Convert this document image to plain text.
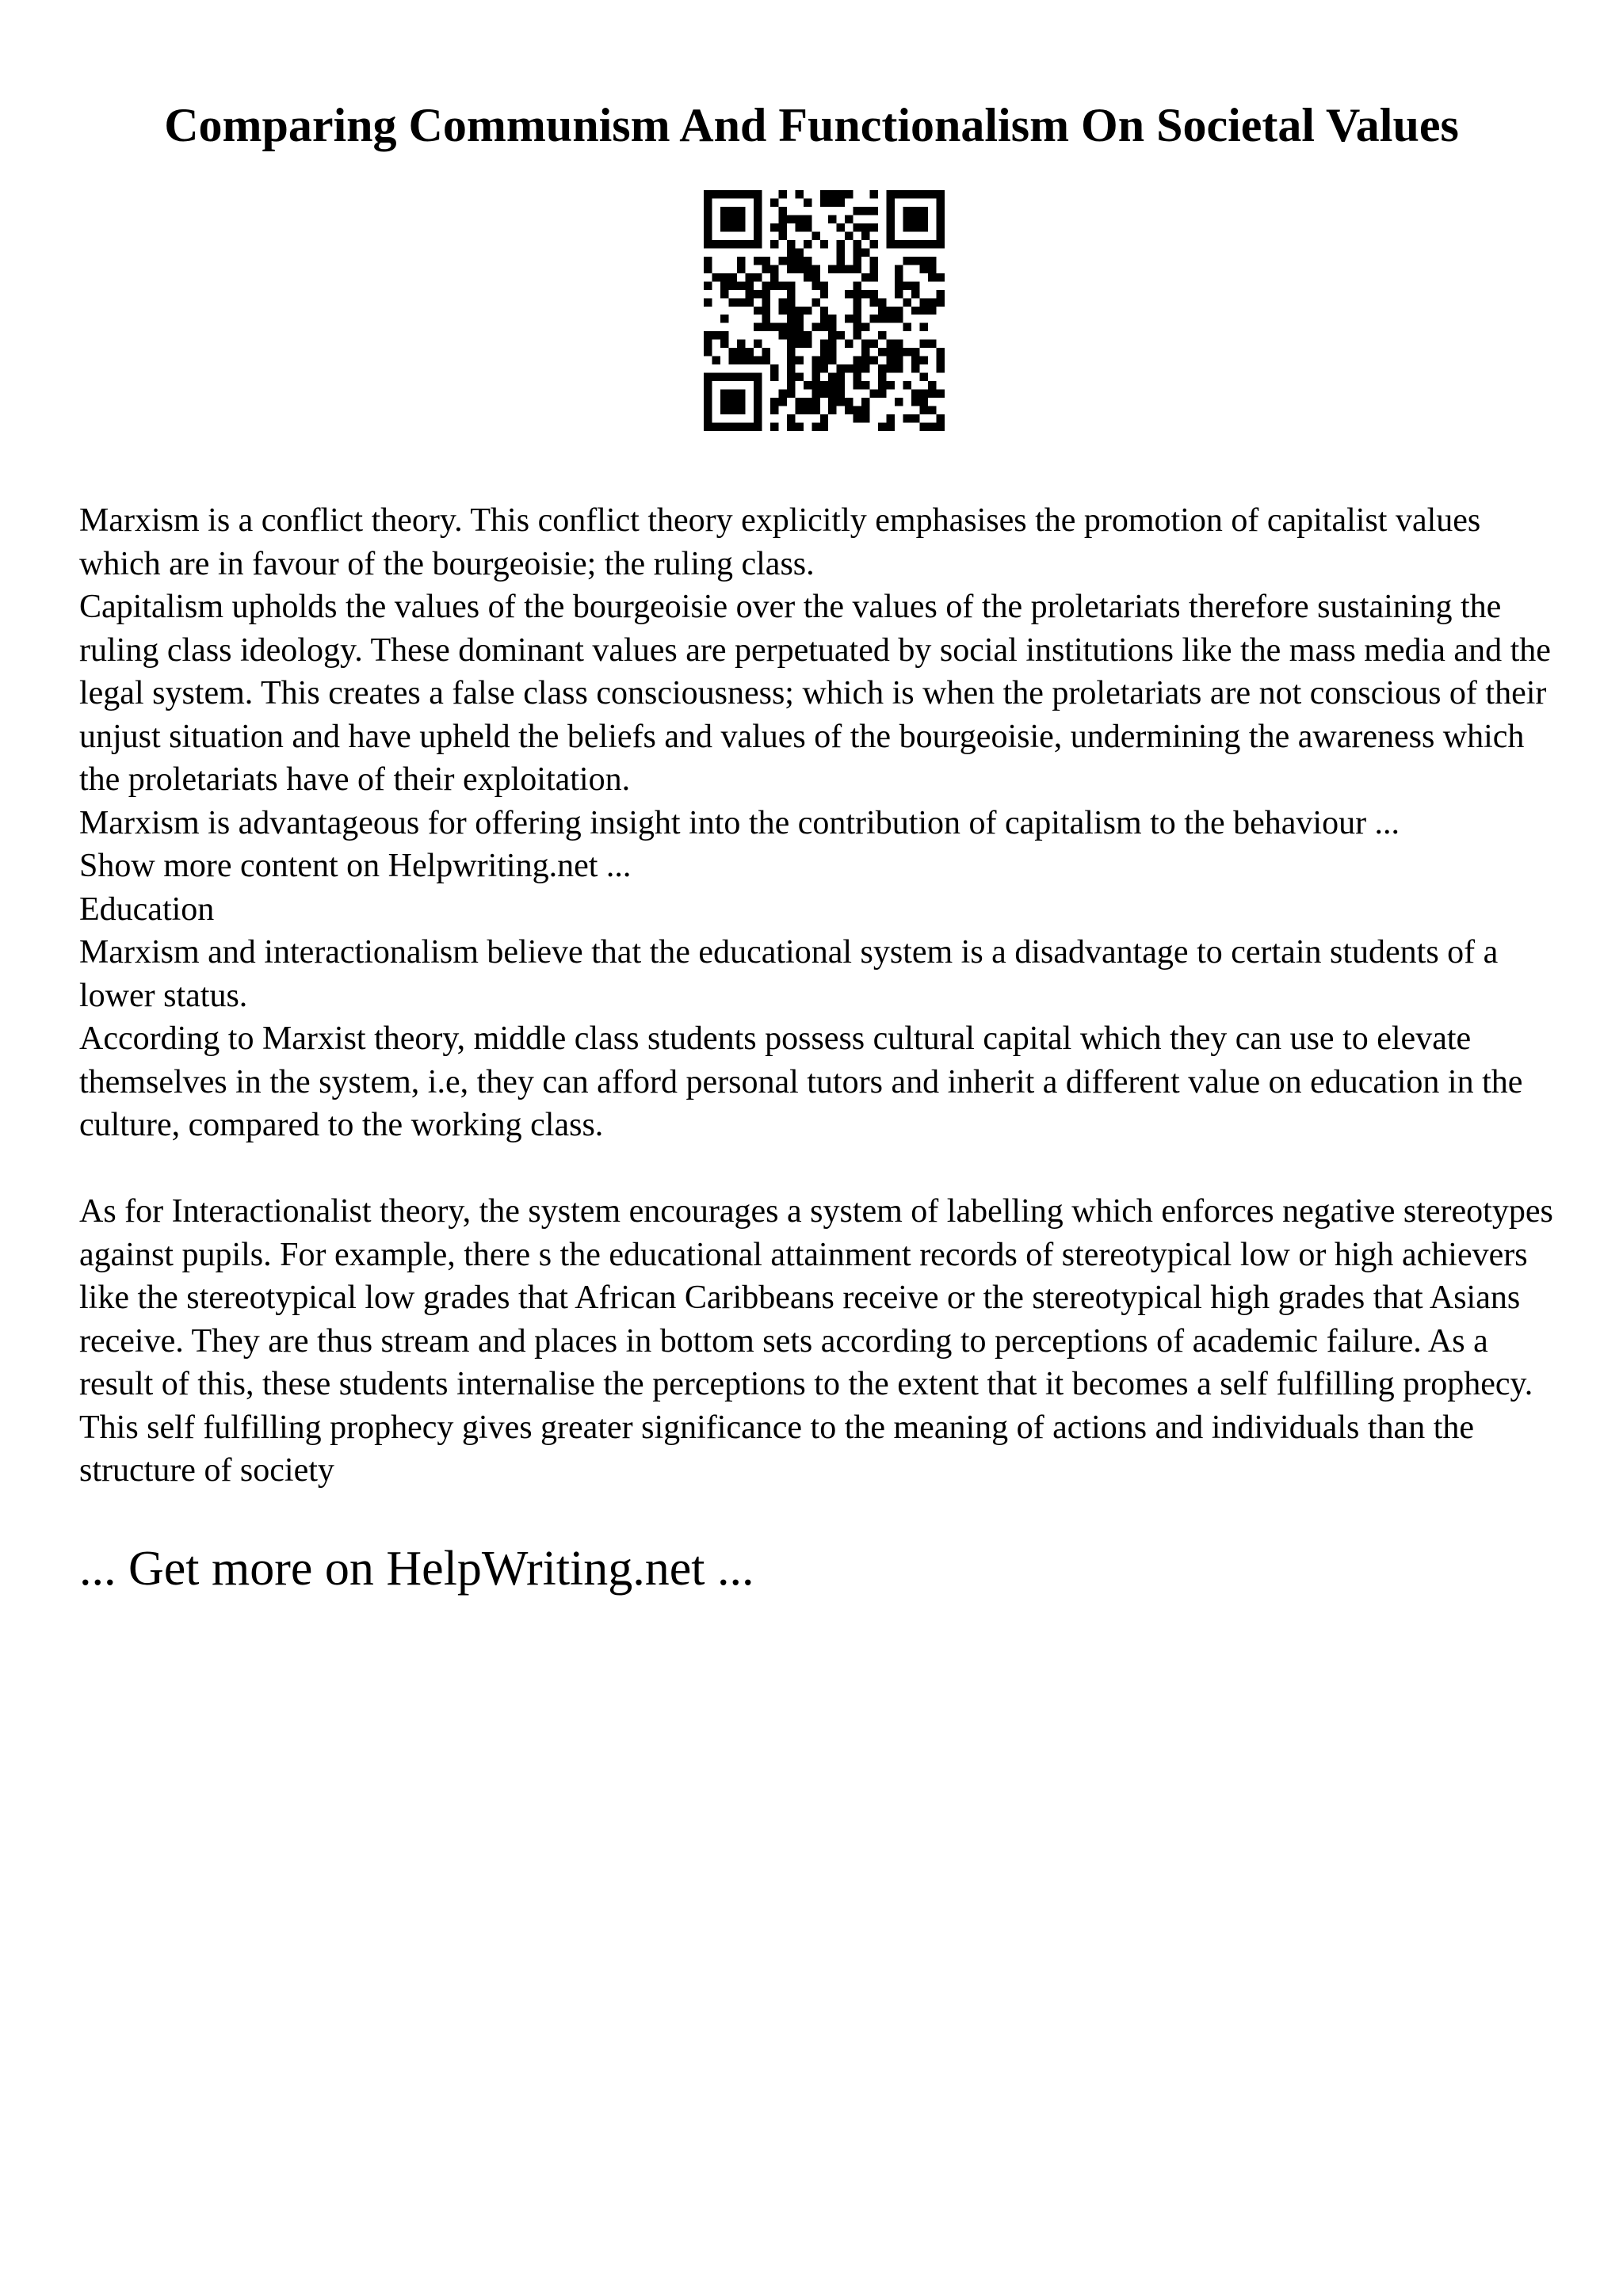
Comparing Communism And Functionalism On Societal Values

Marxism is a conflict theory. This conflict theory explicitly emphasises the promotion of capitalist values which are in favour of the bourgeoisie; the ruling class.

Capitalism upholds the values of the bourgeoisie over the values of the proletariats therefore sustaining the ruling class ideology. These dominant values are perpetuated by social institutions like the mass media and the legal system. This creates a false class consciousness; which is when the proletariats are not conscious of their unjust situation and have upheld the beliefs and values of the bourgeoisie, undermining the awareness which the proletariats have of their exploitation.

Marxism is advantageous for offering insight into the contribution of capitalism to the behaviour ...

Show more content on Helpwriting.net ...

Education

Marxism and interactionalism believe that the educational system is a disadvantage to certain students of a lower status.

According to Marxist theory, middle class students possess cultural capital which they can use to elevate themselves in the system, i.e, they can afford personal tutors and inherit a different value on education in the culture, compared to the working class.

As for Interactionalist theory, the system encourages a system of labelling which enforces negative stereotypes against pupils. For example, there s the educational attainment records of stereotypical low or high achievers like the stereotypical low grades that African Caribbeans receive or the stereotypical high grades that Asians receive. They are thus stream and places in bottom sets according to perceptions of academic failure. As a result of this, these students internalise the perceptions to the extent that it becomes a self fulfilling prophecy. This self fulfilling prophecy gives greater significance to the meaning of actions and individuals than the structure of society

... Get more on HelpWriting.net ...
